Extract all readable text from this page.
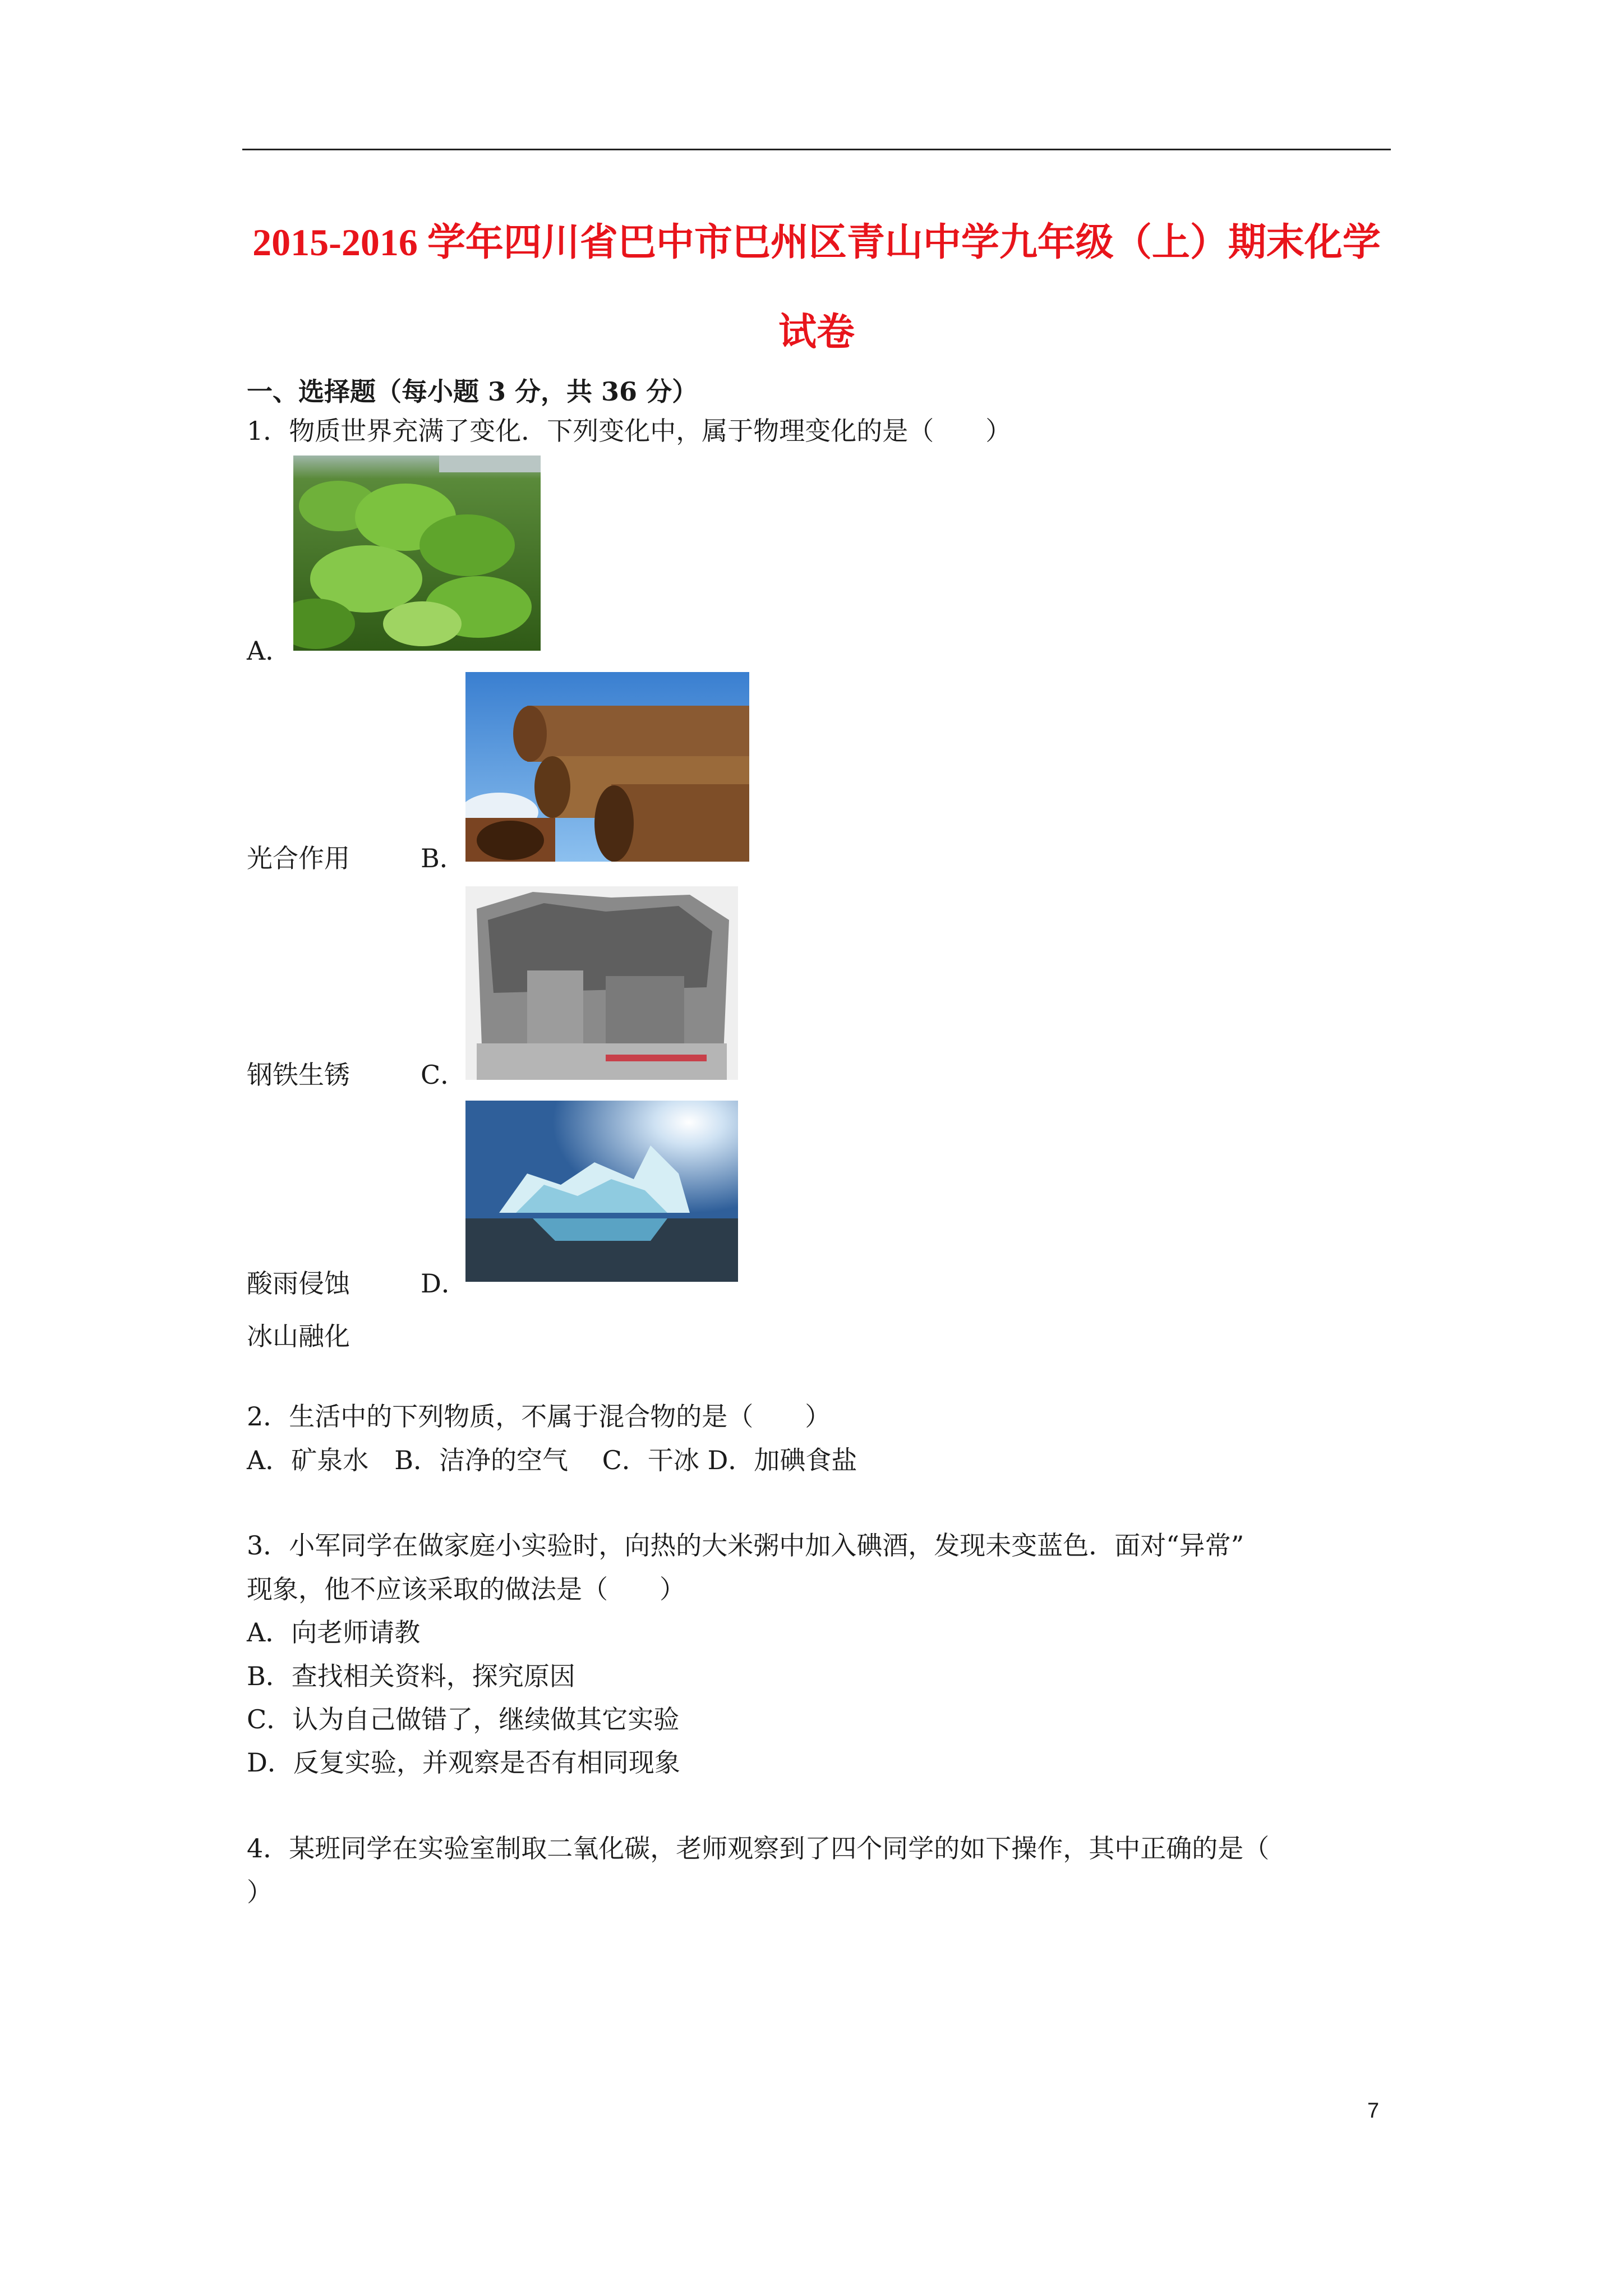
2015-2016 学年四川省巴中市巴州区青山中学九年级（上）期末化学
试卷
一、选择题（每小题 3 分，共 36 分）
1．物质世界充满了变化．下列变化中，属于物理变化的是（　　）
A．
光合作用	B．
钢铁生锈	C．
酸雨侵蚀	D．
冰山融化
2．生活中的下列物质，不属于混合物的是（　　）
A．矿泉水　B．洁净的空气　 C．干冰 D．加碘食盐
3．小军同学在做家庭小实验时，向热的大米粥中加入碘酒，发现未变蓝色．面对“异常”
现象，他不应该采取的做法是（　　）
A．向老师请教
B．查找相关资料，探究原因
C．认为自己做错了，继续做其它实验
D．反复实验，并观察是否有相同现象
4．某班同学在实验室制取二氧化碳，老师观察到了四个同学的如下操作，其中正确的是（
）
7
